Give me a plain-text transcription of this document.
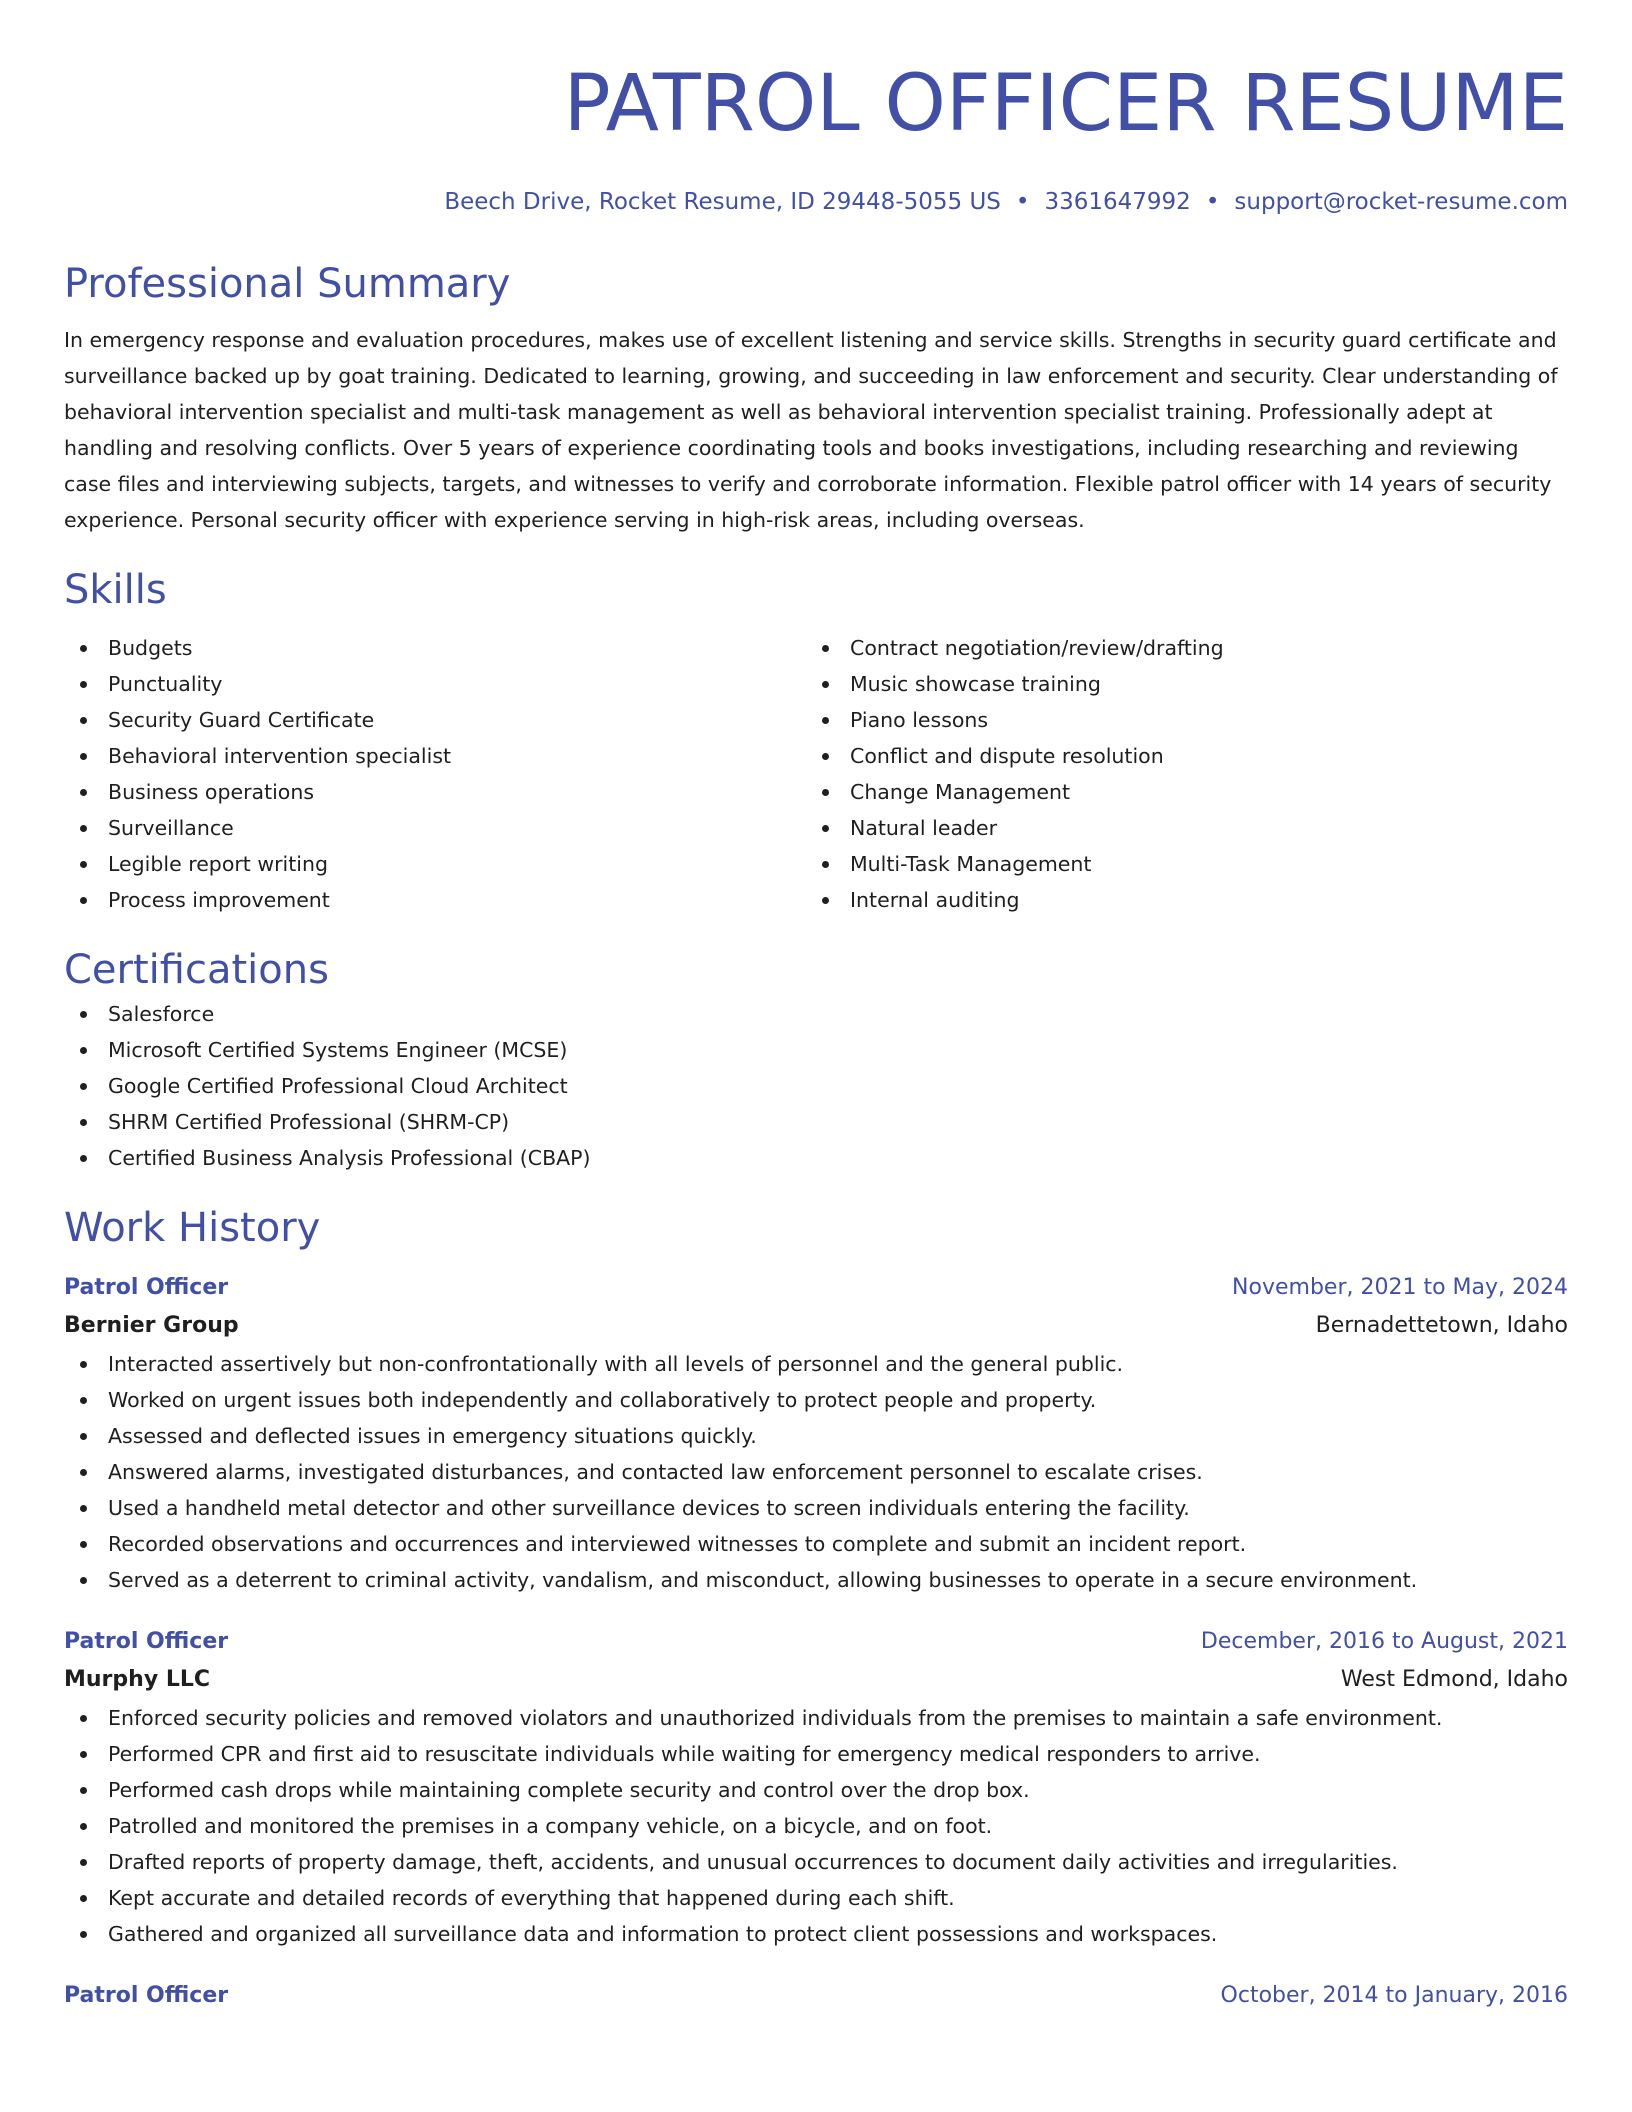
PATROL OFFICER RESUME
Beech Drive, Rocket Resume, ID 29448-5055 US • 3361647992 • support@rocket-resume.com
Professional Summary
In emergency response and evaluation procedures, makes use of excellent listening and service skills. Strengths in security guard certificate and surveillance backed up by goat training. Dedicated to learning, growing, and succeeding in law enforcement and security. Clear understanding of behavioral intervention specialist and multi-task management as well as behavioral intervention specialist training. Professionally adept at handling and resolving conflicts. Over 5 years of experience coordinating tools and books investigations, including researching and reviewing case files and interviewing subjects, targets, and witnesses to verify and corroborate information. Flexible patrol officer with 14 years of security experience. Personal security officer with experience serving in high-risk areas, including overseas.
Skills
Budgets
Punctuality
Security Guard Certificate
Behavioral intervention specialist
Business operations
Surveillance
Legible report writing
Process improvement
Contract negotiation/review/drafting
Music showcase training
Piano lessons
Conflict and dispute resolution
Change Management
Natural leader
Multi-Task Management
Internal auditing
Certifications
Salesforce
Microsoft Certified Systems Engineer (MCSE)
Google Certified Professional Cloud Architect
SHRM Certified Professional (SHRM-CP)
Certified Business Analysis Professional (CBAP)
Work History
Patrol Officer	November, 2021 to May, 2024
Bernier Group	Bernadettetown, Idaho
Interacted assertively but non-confrontationally with all levels of personnel and the general public.
Worked on urgent issues both independently and collaboratively to protect people and property.
Assessed and deflected issues in emergency situations quickly.
Answered alarms, investigated disturbances, and contacted law enforcement personnel to escalate crises.
Used a handheld metal detector and other surveillance devices to screen individuals entering the facility.
Recorded observations and occurrences and interviewed witnesses to complete and submit an incident report.
Served as a deterrent to criminal activity, vandalism, and misconduct, allowing businesses to operate in a secure environment.
Patrol Officer	December, 2016 to August, 2021
Murphy LLC	West Edmond, Idaho
Enforced security policies and removed violators and unauthorized individuals from the premises to maintain a safe environment.
Performed CPR and first aid to resuscitate individuals while waiting for emergency medical responders to arrive.
Performed cash drops while maintaining complete security and control over the drop box.
Patrolled and monitored the premises in a company vehicle, on a bicycle, and on foot.
Drafted reports of property damage, theft, accidents, and unusual occurrences to document daily activities and irregularities.
Kept accurate and detailed records of everything that happened during each shift.
Gathered and organized all surveillance data and information to protect client possessions and workspaces.
Patrol Officer	October, 2014 to January, 2016
